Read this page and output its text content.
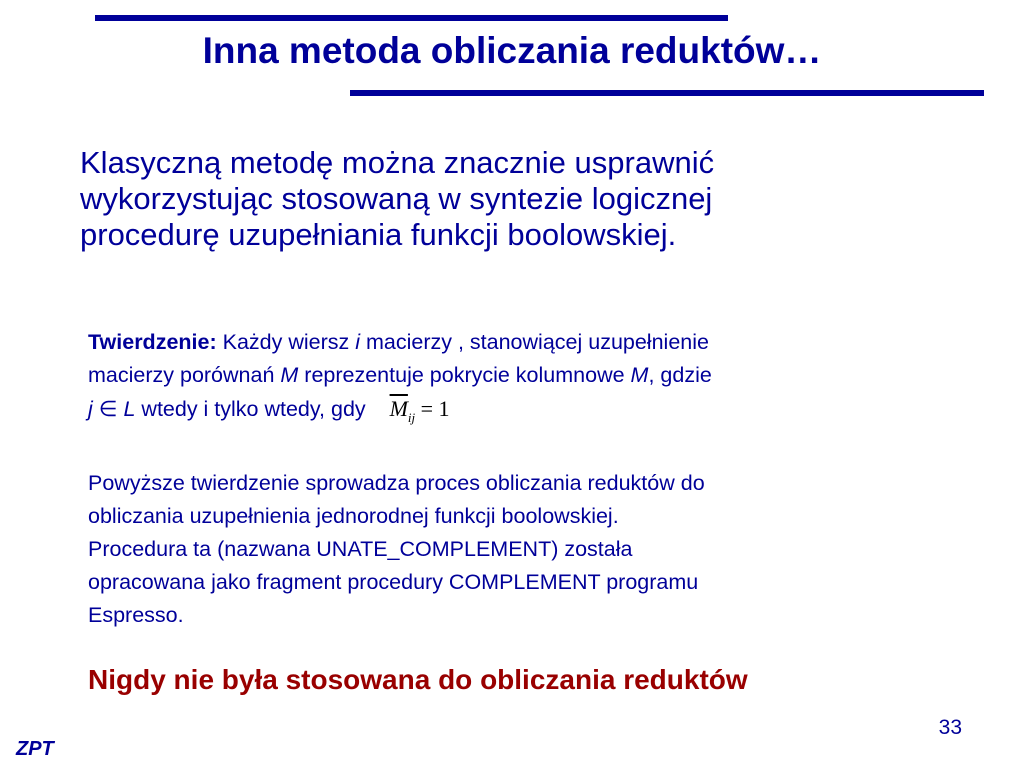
Inna metoda obliczania reduktów…
Klasyczną metodę można znacznie usprawnić
wykorzystując stosowaną w syntezie logicznej
procedurę uzupełniania funkcji boolowskiej.
Twierdzenie: Każdy wiersz i macierzy , stanowiącej uzupełnienie
macierzy porównań M reprezentuje pokrycie kolumnowe M, gdzie
j ∈ L wtedy i tylko wtedy, gdy $\overline{M}_{ij} = 1$
Powyższe twierdzenie sprowadza proces obliczania reduktów do
obliczania uzupełnienia jednorodnej funkcji boolowskiej.
Procedura ta (nazwana UNATE_COMPLEMENT) została
opracowana jako fragment procedury COMPLEMENT programu
Espresso.
Nigdy nie była stosowana do obliczania reduktów
33
ZPT
